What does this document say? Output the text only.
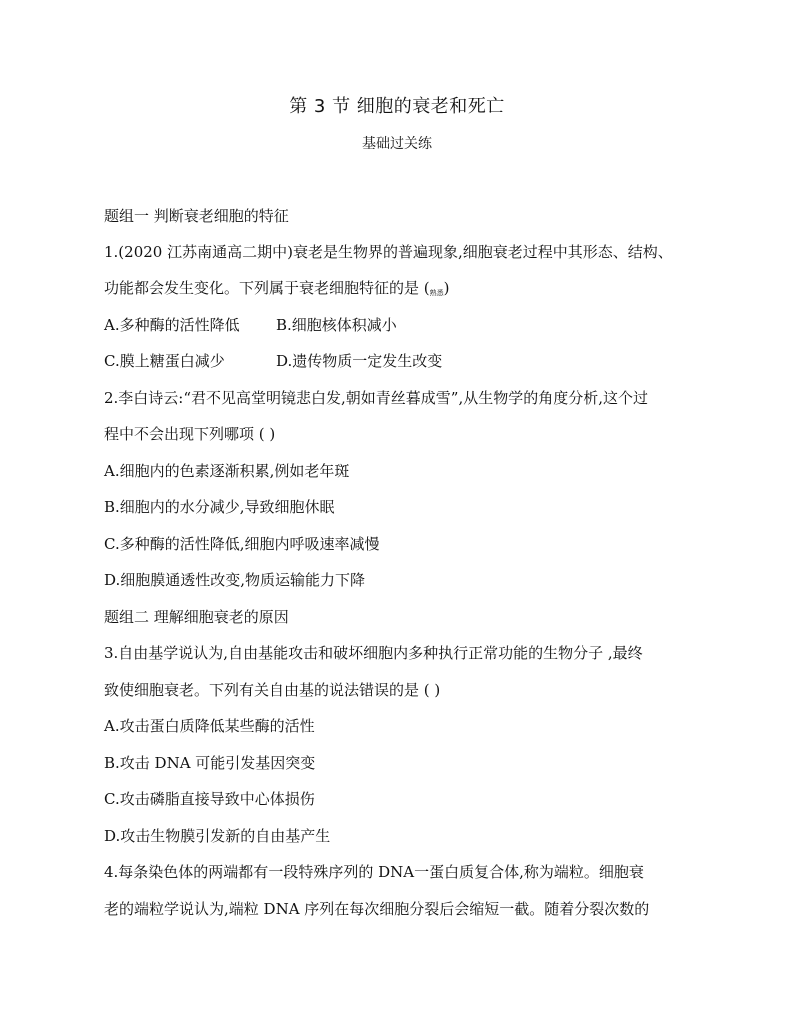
第 3 节 细胞的衰老和死亡
基础过关练
题组一 判断衰老细胞的特征
1.(2020 江苏南通高二期中)衰老是生物界的普遍现象,细胞衰老过程中其形态、结构、
功能都会发生变化。下列属于衰老细胞特征的是 (熟悉)
A.多种酶的活性降低 B.细胞核体积减小
C.膜上糖蛋白减少	D.遗传物质一定发生改变
2.李白诗云:“君不见高堂明镜悲白发,朝如青丝暮成雪”,从生物学的角度分析,这个过
程中不会出现下列哪项 ( )
A.细胞内的色素逐渐积累,例如老年斑
B.细胞内的水分减少,导致细胞休眠
C.多种酶的活性降低,细胞内呼吸速率减慢
D.细胞膜通透性改变,物质运输能力下降
题组二 理解细胞衰老的原因
3.自由基学说认为,自由基能攻击和破坏细胞内多种执行正常功能的生物分子 ,最终
致使细胞衰老。下列有关自由基的说法错误的是 ( )
A.攻击蛋白质降低某些酶的活性
B.攻击 DNA 可能引发基因突变
C.攻击磷脂直接导致中心体损伤
D.攻击生物膜引发新的自由基产生
4.每条染色体的两端都有一段特殊序列的 DNA一蛋白质复合体,称为端粒。细胞衰
老的端粒学说认为,端粒 DNA 序列在每次细胞分裂后会缩短一截。随着分裂次数的
